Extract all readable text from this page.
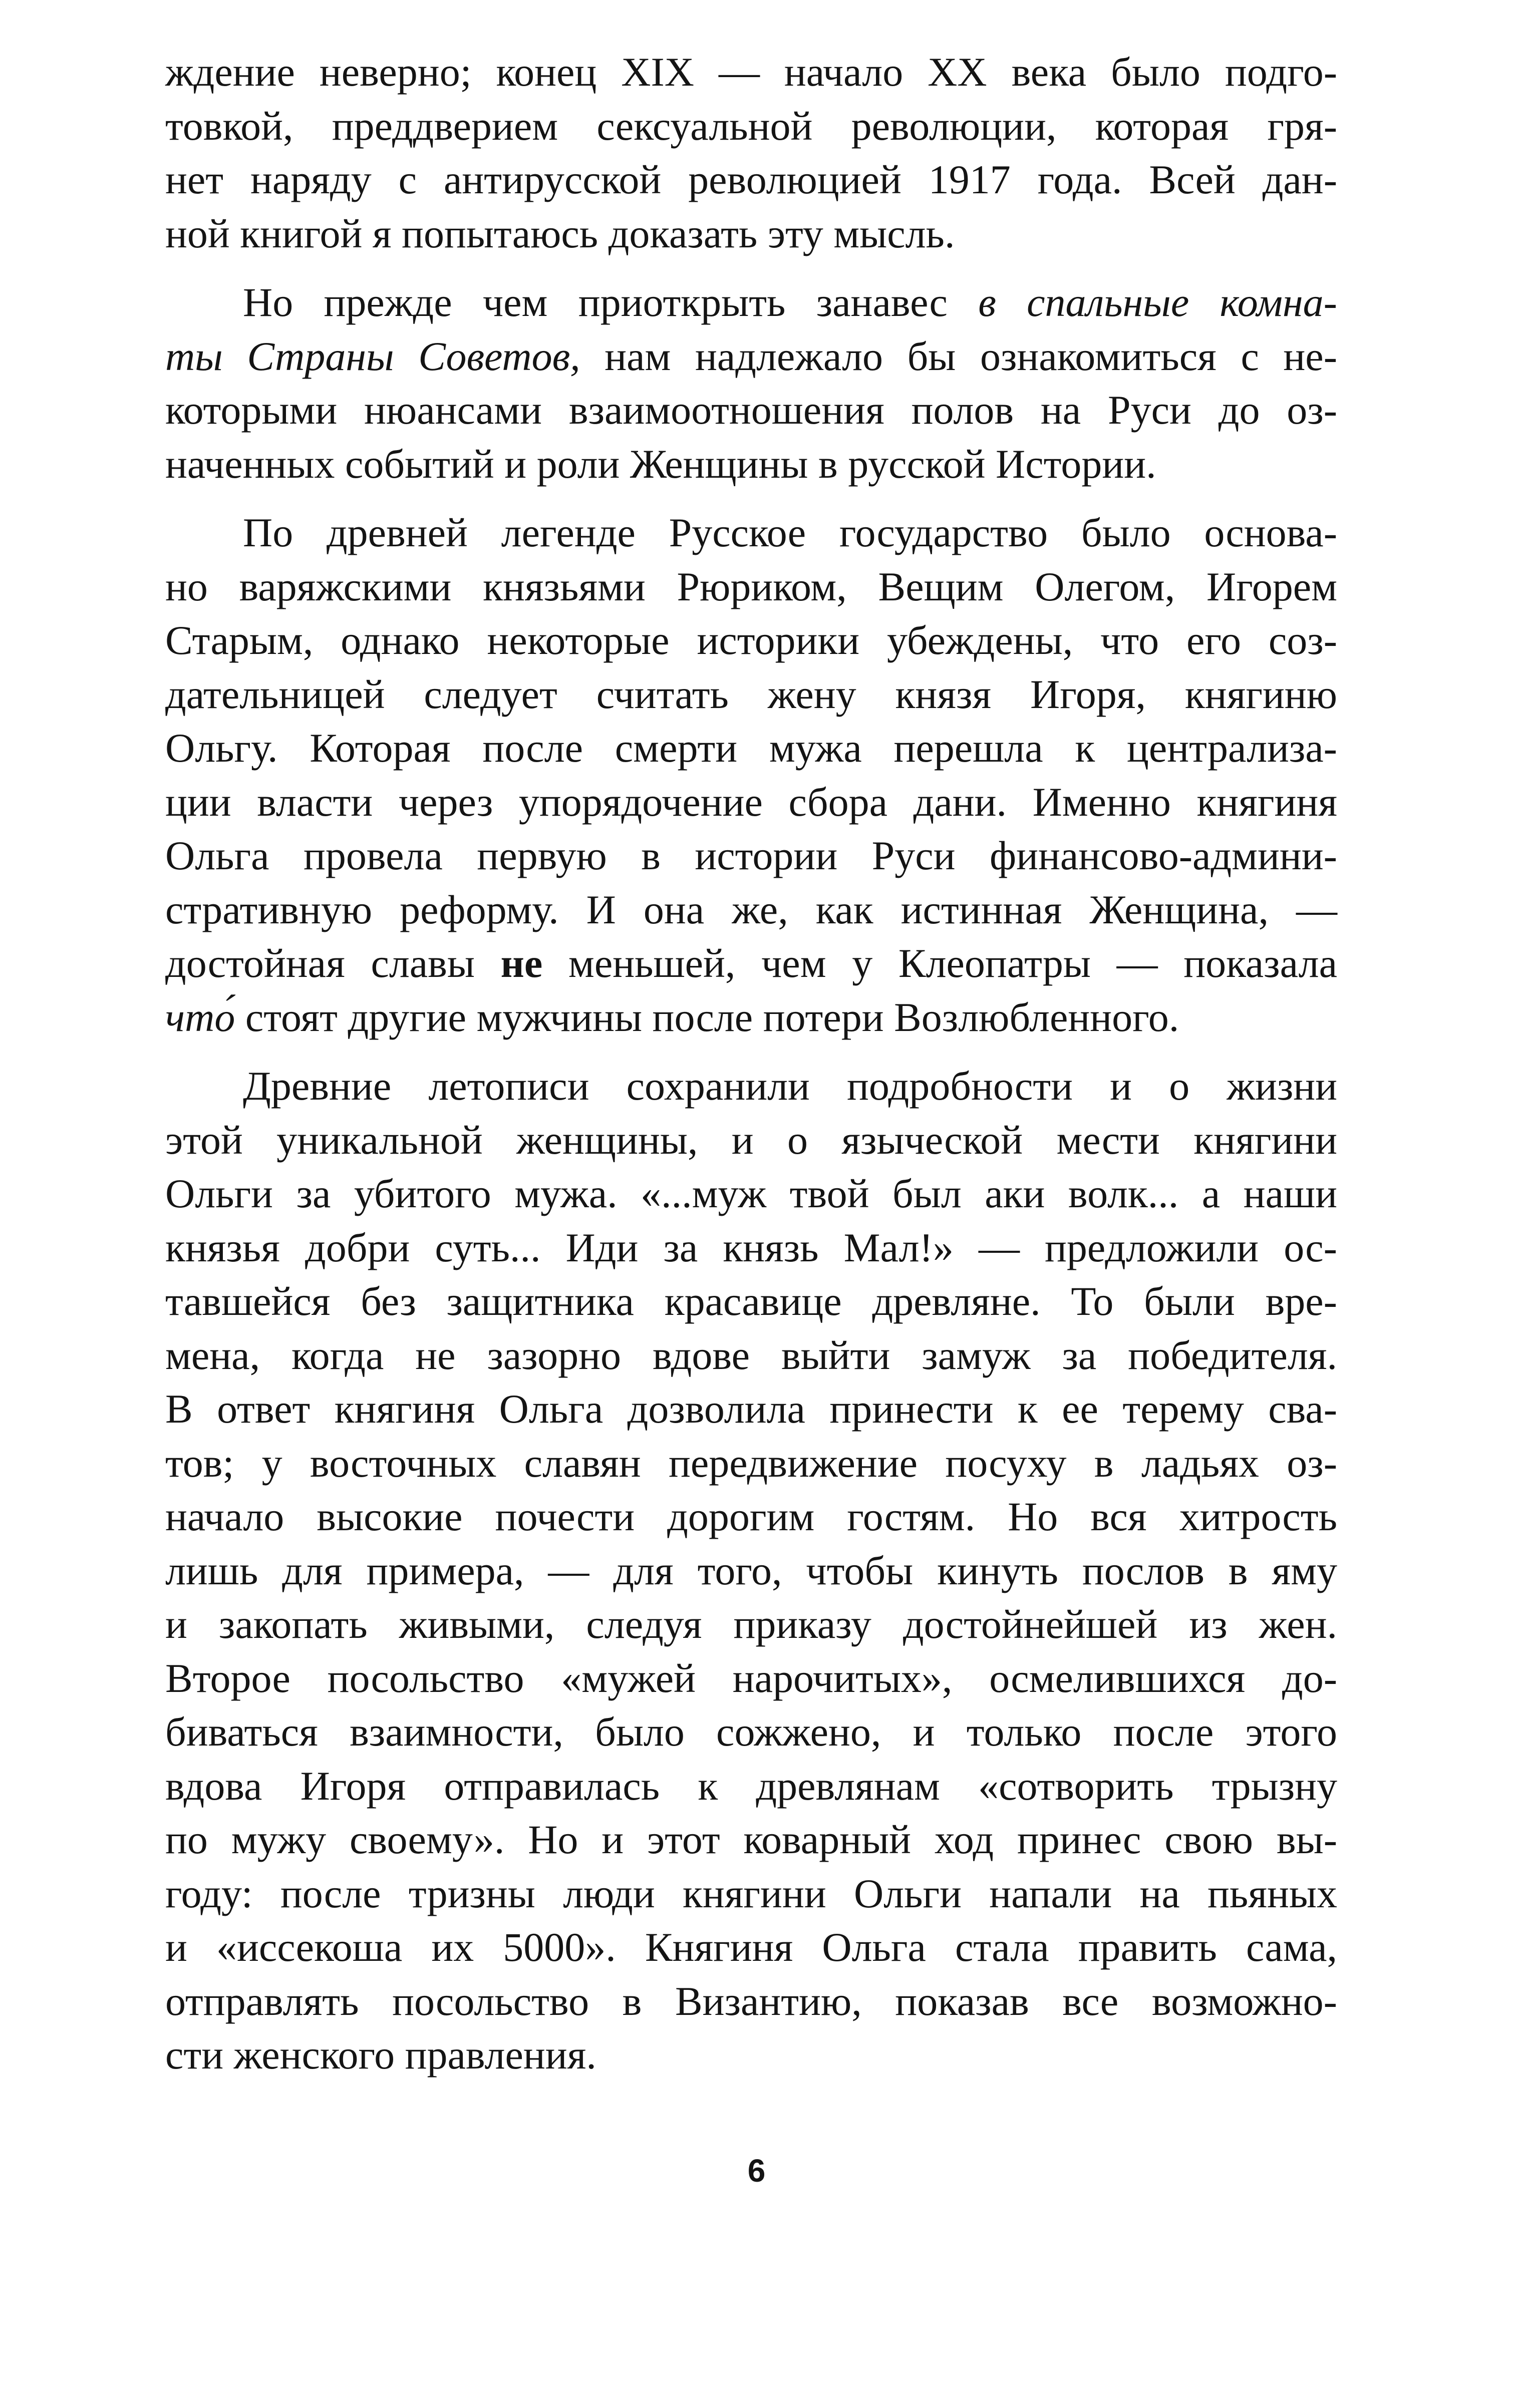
ждение неверно; конец XIX — начало XX века было подго-
товкой, преддверием сексуальной революции, которая гря-
нет наряду с антирусской революцией 1917 года. Всей дан-
ной книгой я попытаюсь доказать эту мысль.
Но прежде чем приоткрыть занавес в спальные комна-
ты Страны Советов, нам надлежало бы ознакомиться с не-
которыми нюансами взаимоотношения полов на Руси до оз-
наченных событий и роли Женщины в русской Истории.
По древней легенде Русское государство было основа-
но варяжскими князьями Рюриком, Вещим Олегом, Игорем
Старым, однако некоторые историки убеждены, что его соз-
дательницей следует считать жену князя Игоря, княгиню
Ольгу. Которая после смерти мужа перешла к централиза-
ции власти через упорядочение сбора дани. Именно княгиня
Ольга провела первую в истории Руси финансово-админи-
стративную реформу. И она же, как истинная Женщина, —
достойная славы не меньшей, чем у Клеопатры — показала
что́ стоят другие мужчины после потери Возлюбленного.
Древние летописи сохранили подробности и о жизни
этой уникальной женщины, и о языческой мести княгини
Ольги за убитого мужа. «...муж твой был аки волк... а наши
князья добри суть... Иди за князь Мал!» — предложили ос-
тавшейся без защитника красавице древляне. То были вре-
мена, когда не зазорно вдове выйти замуж за победителя.
В ответ княгиня Ольга дозволила принести к ее терему сва-
тов; у восточных славян передвижение посуху в ладьях оз-
начало высокие почести дорогим гостям. Но вся хитрость
лишь для примера, — для того, чтобы кинуть послов в яму
и закопать живыми, следуя приказу достойнейшей из жен.
Второе посольство «мужей нарочитых», осмелившихся до-
биваться взаимности, было сожжено, и только после этого
вдова Игоря отправилась к древлянам «сотворить трызну
по мужу своему». Но и этот коварный ход принес свою вы-
году: после тризны люди княгини Ольги напали на пьяных
и «иссекоша их 5000». Княгиня Ольга стала править сама,
отправлять посольство в Византию, показав все возможно-
сти женского правления.
6
